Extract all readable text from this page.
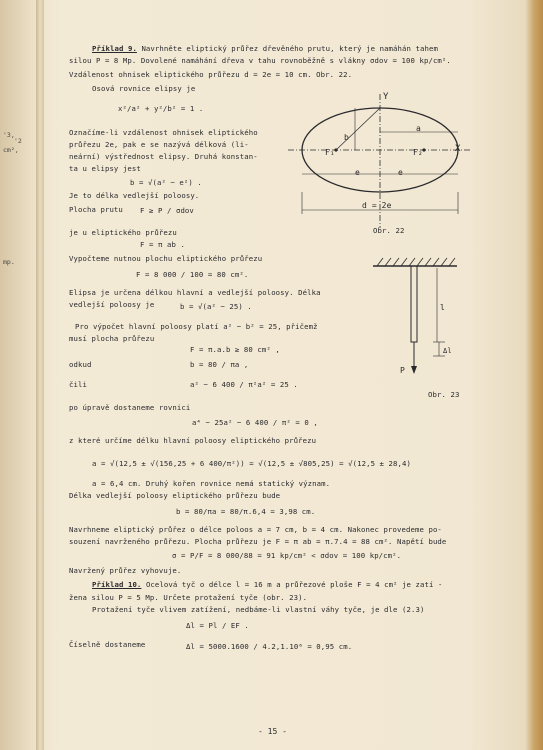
'3,
'2
cm²,
mp.
Příklad 9. Navrhněte eliptický průřez dřevěného prutu, který je namáhán tahem
silou P = 8 Mp. Dovolené namáhání dřeva v tahu rovnoběžně s vlákny σdov = 100 kp/cm².
Vzdálenost ohnisek eliptického průřezu d = 2e = 10 cm. Obr. 22.
Osová rovnice elipsy je
x²/a² + y²/b² = 1 .
Označíme-li vzdálenost ohnisek eliptického
průřezu 2e, pak e se nazývá délková (li-
neární) výstřednost elipsy. Druhá konstan-
ta u elipsy jest
b = √(a² − e²) .
Je to délka vedlejší poloosy.
Plocha prutu F ≥ P / σdov
je u eliptického průřezu
F = π ab .
Vypočteme nutnou plochu eliptického průřezu
F = 8 000 / 100 = 80 cm².
Elipsa je určena délkou hlavní a vedlejší poloosy. Délka
vedlejší poloosy je	b = √(a² − 25) .
Pro výpočet hlavní poloosy platí a² − b² = 25, přičemž
musí plocha průřezu
F = π.a.b ≥ 80 cm² ,
odkud	b = 80 / πa ,
čili	a² − 6 400 / π²a² = 25 .
po úpravě dostaneme rovnici
a⁴ − 25a² − 6 400 / π² = 0 ,
z které určíme délku hlavní poloosy eliptického průřezu
a = √(12,5 ± √(156,25 + 6 400/π²)) = √(12,5 ± √805,25) = √(12,5 ± 28,4)
a = 6,4 cm. Druhý kořen rovnice nemá statický význam.
Délka vedlejší poloosy eliptického průřezu bude
b = 80/πa = 80/π.6,4 = 3,98 cm.
Navrhneme eliptický průřez o délce poloos a = 7 cm, b = 4 cm. Nakonec provedeme po-
souzení navrženého průřezu. Plocha průřezu je F = π ab = π.7.4 = 88 cm². Napětí bude
σ = P/F = 8 000/88 = 91 kp/cm² < σdov = 100 kp/cm².
Navržený průřez vyhovuje.
Příklad 10. Ocelová tyč o délce l = 16 m a průřezové ploše F = 4 cm² je zatí -
žena silou P = 5 Mp. Určete protažení tyče (obr. 23).
Protažení tyče vlivem zatížení, nedbáme-li vlastní váhy tyče, je dle (2.3)
Δl = Pl / EF .
Číselně dostaneme	Δl = 5000.1600 / 4.2,1.10⁶ = 0,95 cm.
Y
X
a
b
F₁	F₂
e	e
d = 2e
Obr. 22
l
Δl
P
Obr. 23
- 15 -
